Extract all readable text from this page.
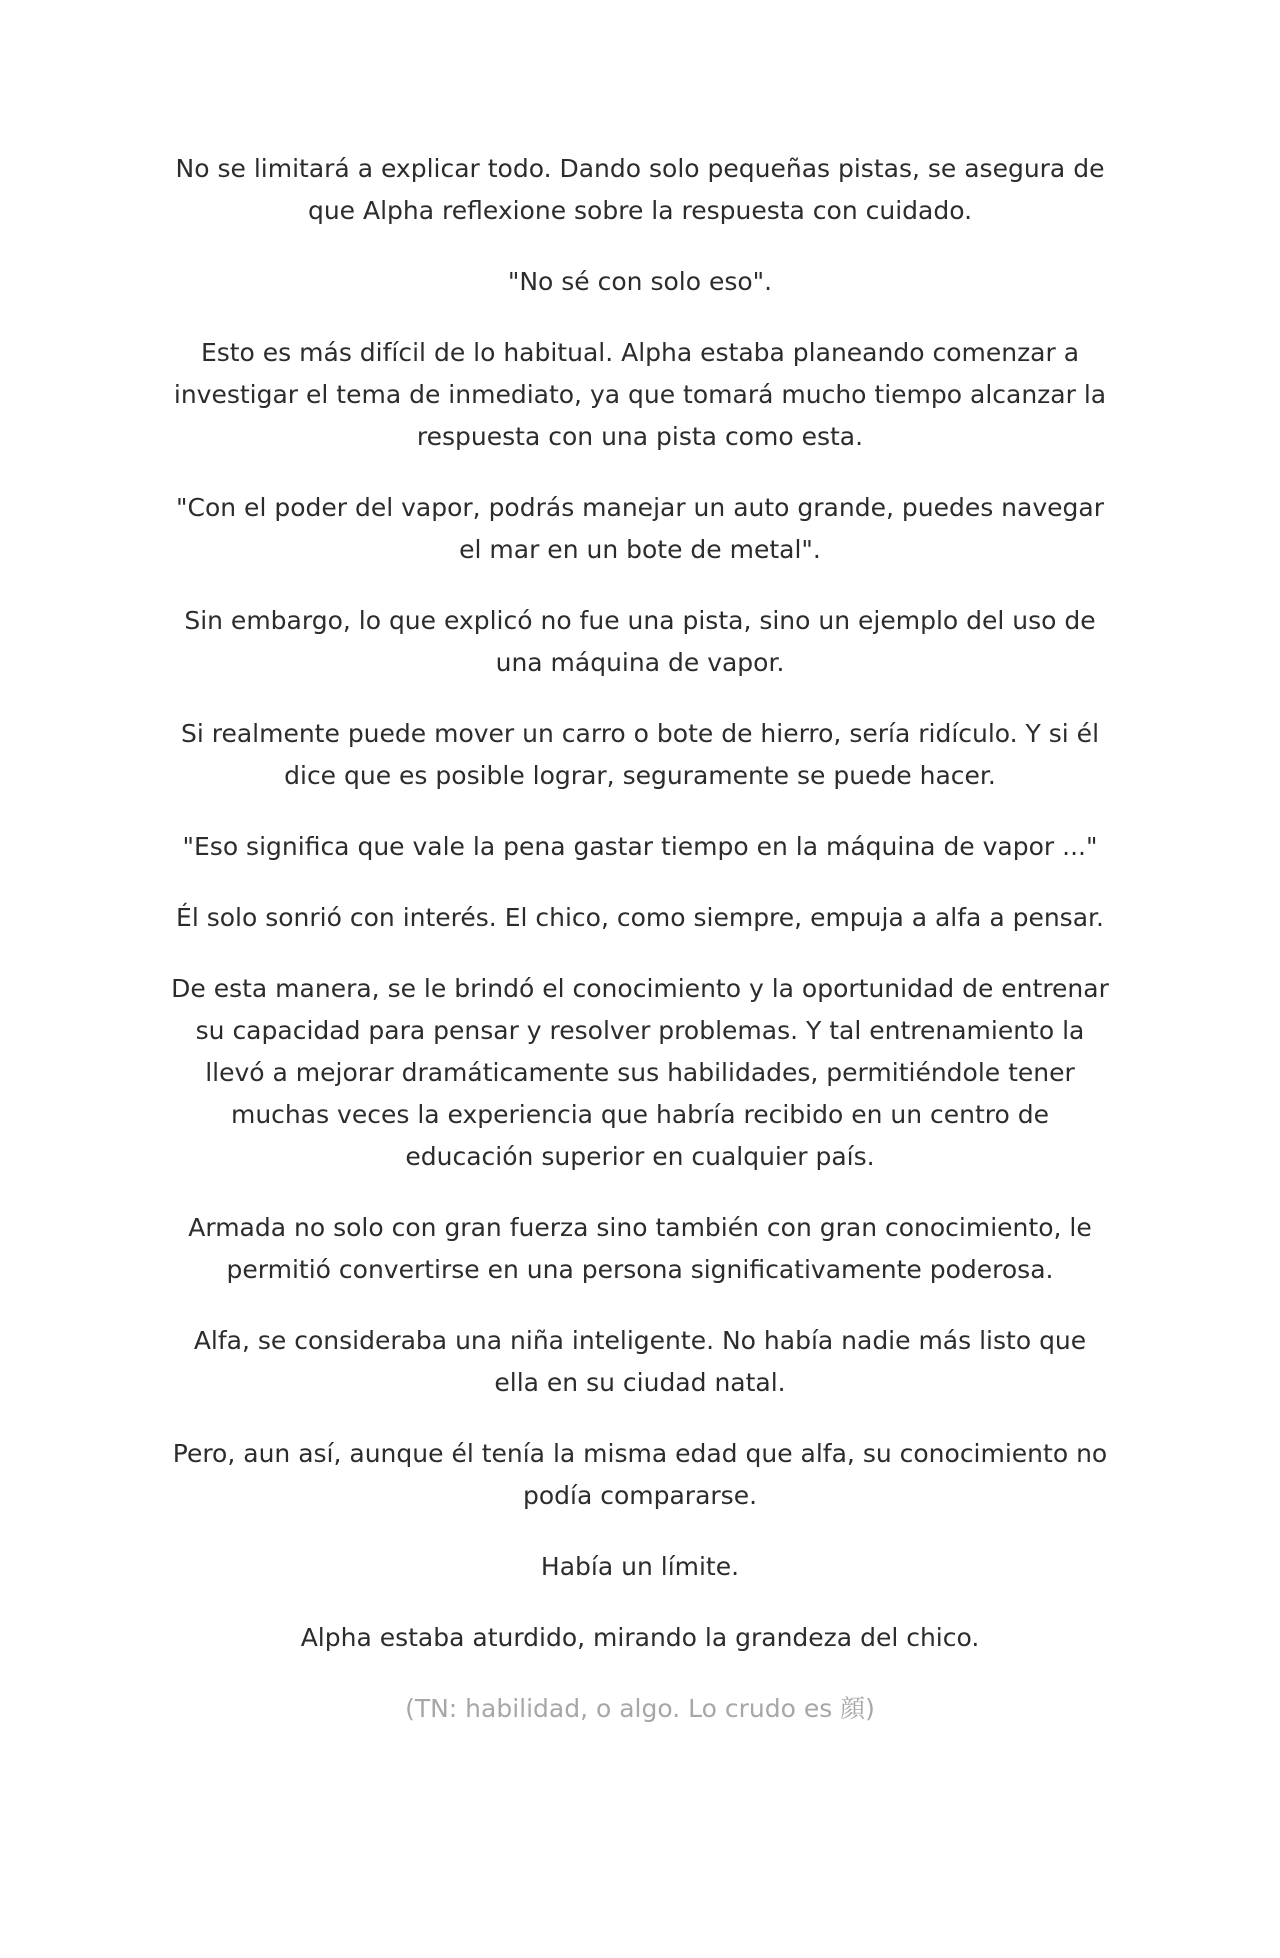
No se limitará a explicar todo. Dando solo pequeñas pistas, se asegura de que Alpha reflexione sobre la respuesta con cuidado.

"No sé con solo eso".

Esto es más difícil de lo habitual. Alpha estaba planeando comenzar a investigar el tema de inmediato, ya que tomará mucho tiempo alcanzar la respuesta con una pista como esta.

"Con el poder del vapor, podrás manejar un auto grande, puedes navegar el mar en un bote de metal".

Sin embargo, lo que explicó no fue una pista, sino un ejemplo del uso de una máquina de vapor.

Si realmente puede mover un carro o bote de hierro, sería ridículo. Y si él dice que es posible lograr, seguramente se puede hacer.

"Eso significa que vale la pena gastar tiempo en la máquina de vapor ..."

Él solo sonrió con interés. El chico, como siempre, empuja a alfa a pensar.

De esta manera, se le brindó el conocimiento y la oportunidad de entrenar su capacidad para pensar y resolver problemas. Y tal entrenamiento la llevó a mejorar dramáticamente sus habilidades, permitiéndole tener muchas veces la experiencia que habría recibido en un centro de educación superior en cualquier país.

Armada no solo con gran fuerza sino también con gran conocimiento, le permitió convertirse en una persona significativamente poderosa.

Alfa, se consideraba una niña inteligente. No había nadie más listo que ella en su ciudad natal.

Pero, aun así, aunque él tenía la misma edad que alfa, su conocimiento no podía compararse.

Había un límite.

Alpha estaba aturdido, mirando la grandeza del chico.

(TN: habilidad, o algo. Lo crudo es 顔)
